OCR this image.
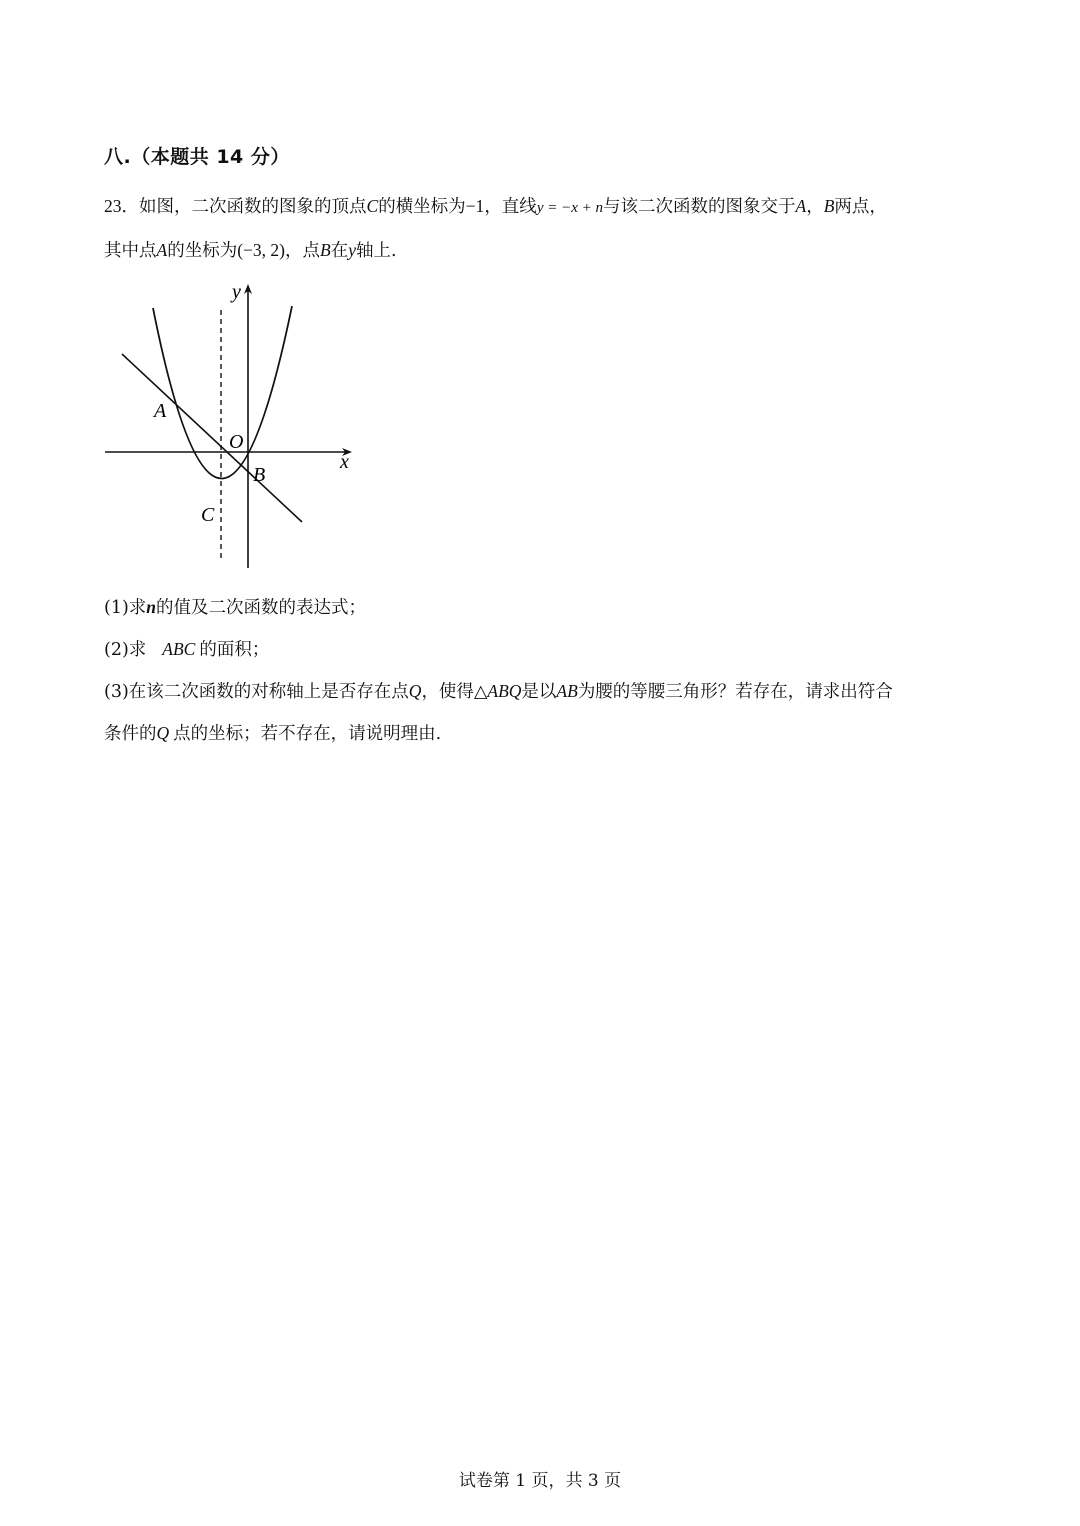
八.（本题共 14 分）
23．如图，二次函数的图象的顶点C的横坐标为−1，直线y = −x + n与该二次函数的图象交于A，B两点，
其中点A的坐标为(−3, 2)，点B在y轴上.
y
x
O
A
B
C
(1)求n的值及二次函数的表达式；
(2)求 ABC 的面积；
(3)在该二次函数的对称轴上是否存在点Q，使得△ABQ是以AB为腰的等腰三角形？若存在，请求出符合
条件的Q 点的坐标；若不存在，请说明理由.
试卷第 1 页，共 3 页
